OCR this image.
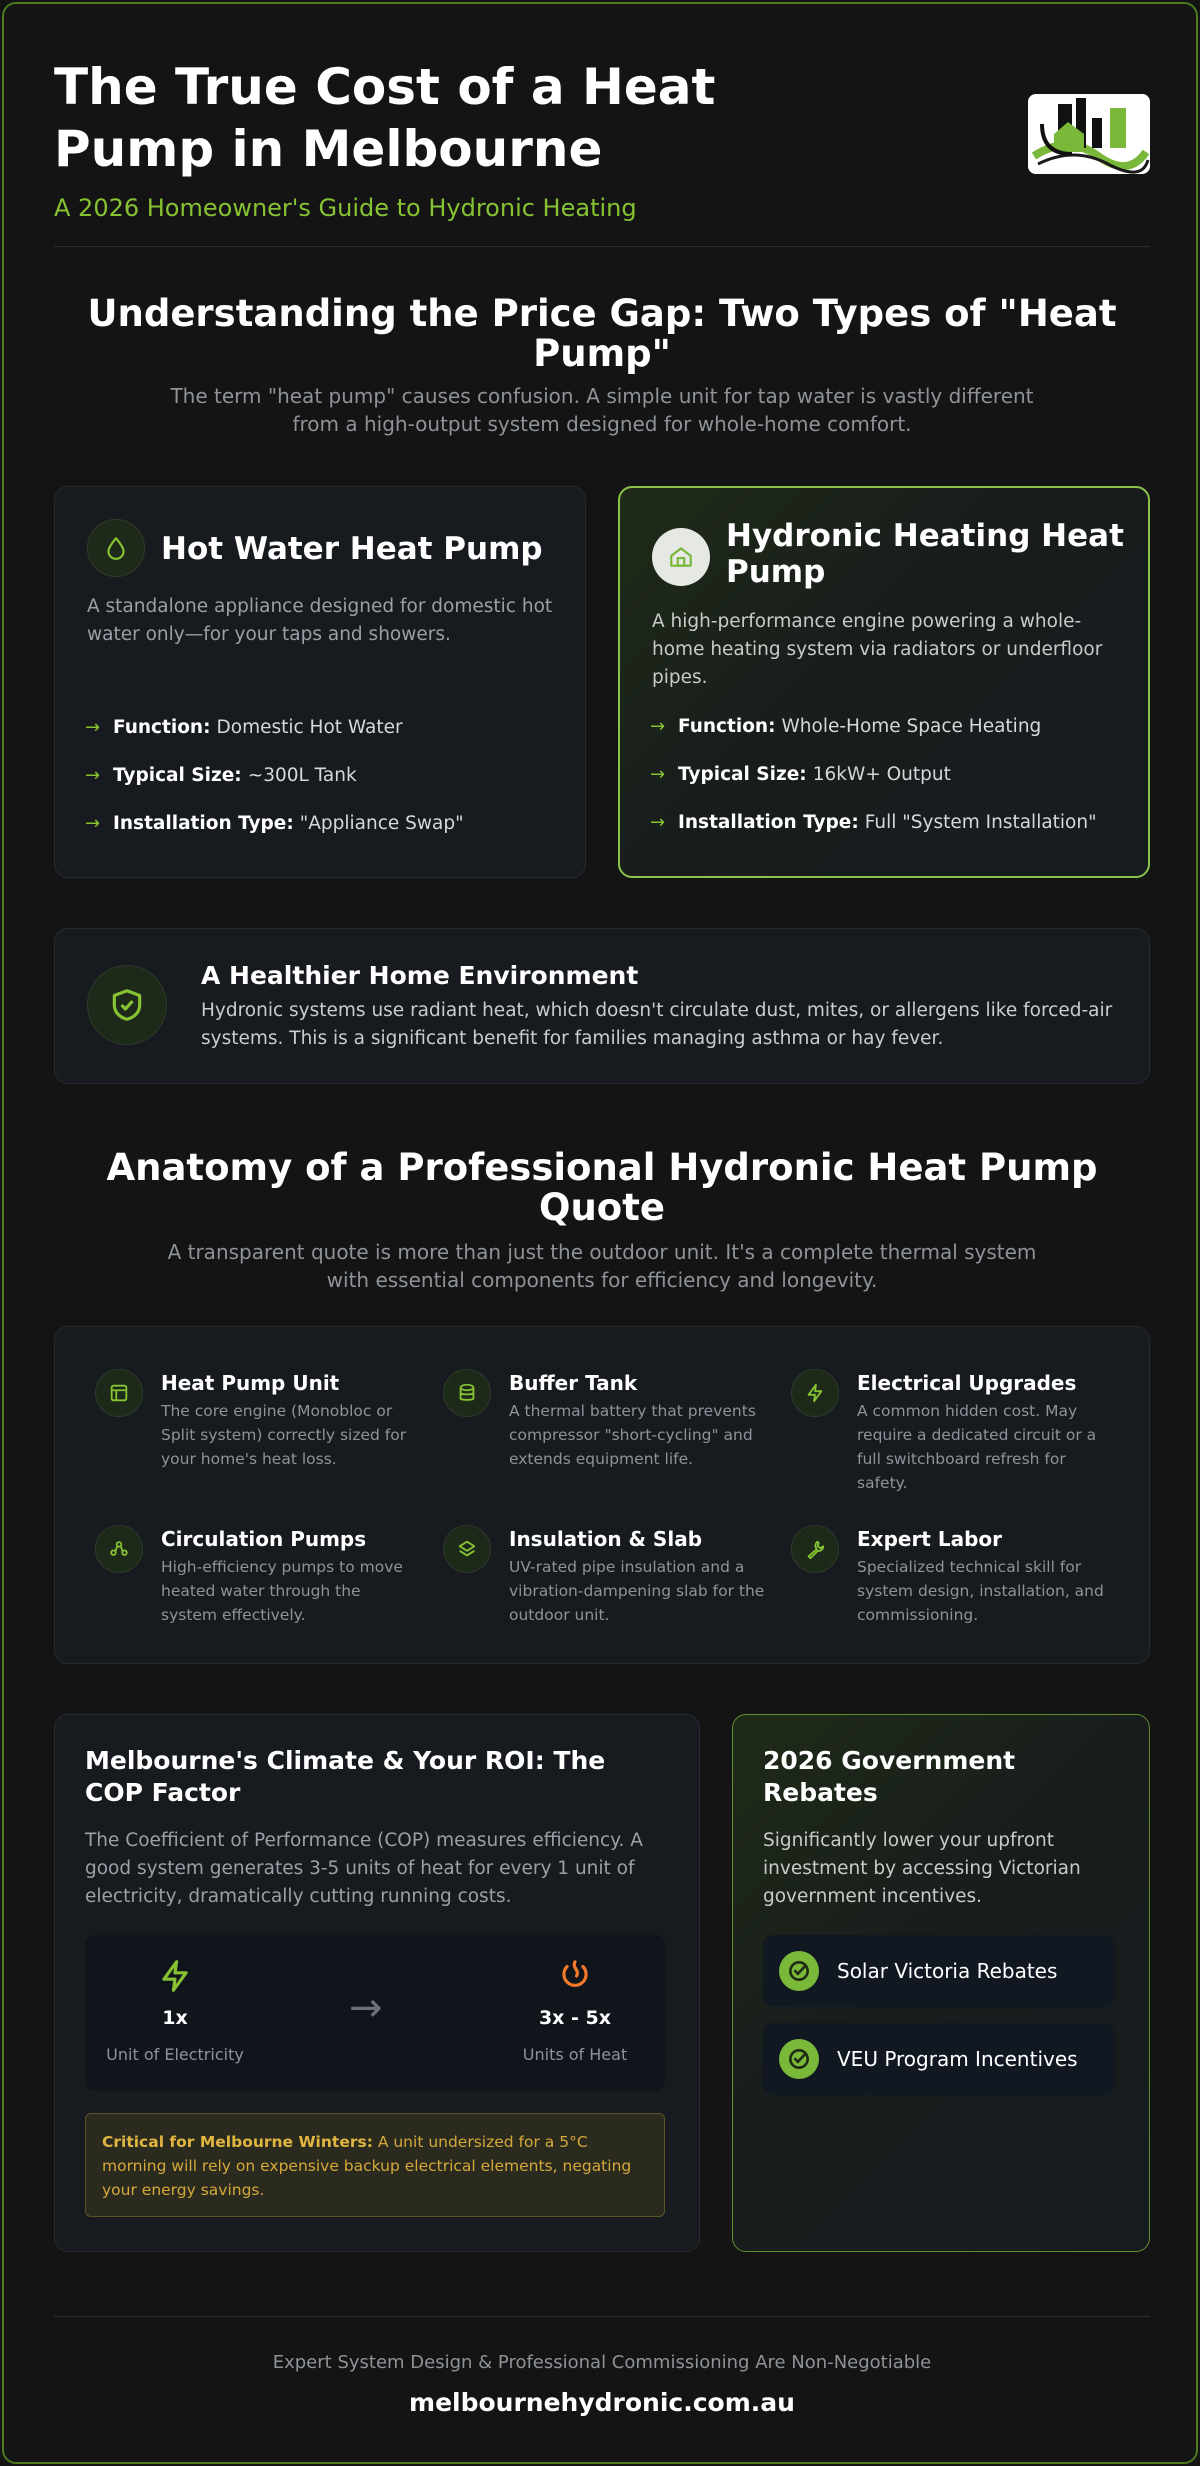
The True Cost of a Heat Pump in Melbourne
A 2026 Homeowner's Guide to Hydronic Heating
Understanding the Price Gap: Two Types of "Heat Pump"
The term "heat pump" causes confusion. A simple unit for tap water is vastly different from a high-output system designed for whole-home comfort.
Hot Water Heat Pump
A standalone appliance designed for domestic hot water only—for your taps and showers.
→ Function: Domestic Hot Water
→ Typical Size: ~300L Tank
→ Installation Type: "Appliance Swap"
Hydronic Heating Heat Pump
A high-performance engine powering a whole-home heating system via radiators or underfloor pipes.
→ Function: Whole-Home Space Heating
→ Typical Size: 16kW+ Output
→ Installation Type: Full "System Installation"
A Healthier Home Environment
Hydronic systems use radiant heat, which doesn't circulate dust, mites, or allergens like forced-air systems. This is a significant benefit for families managing asthma or hay fever.
Anatomy of a Professional Hydronic Heat Pump Quote
A transparent quote is more than just the outdoor unit. It's a complete thermal system with essential components for efficiency and longevity.
Heat Pump Unit
The core engine (Monobloc or Split system) correctly sized for your home's heat loss.
Buffer Tank
A thermal battery that prevents compressor "short-cycling" and extends equipment life.
Electrical Upgrades
A common hidden cost. May require a dedicated circuit or a full switchboard refresh for safety.
Circulation Pumps
High-efficiency pumps to move heated water through the system effectively.
Insulation & Slab
UV-rated pipe insulation and a vibration-dampening slab for the outdoor unit.
Expert Labor
Specialized technical skill for system design, installation, and commissioning.
Melbourne's Climate & Your ROI: The COP Factor
The Coefficient of Performance (COP) measures efficiency. A good system generates 3-5 units of heat for every 1 unit of electricity, dramatically cutting running costs.
1x
Unit of Electricity
→	3x - 5x
Units of Heat
Critical for Melbourne Winters: A unit undersized for a 5°C morning will rely on expensive backup electrical elements, negating your energy savings.
2026 Government Rebates
Significantly lower your upfront investment by accessing Victorian government incentives.
Solar Victoria Rebates
VEU Program Incentives
Expert System Design & Professional Commissioning Are Non-Negotiable
melbournehydronic.com.au
